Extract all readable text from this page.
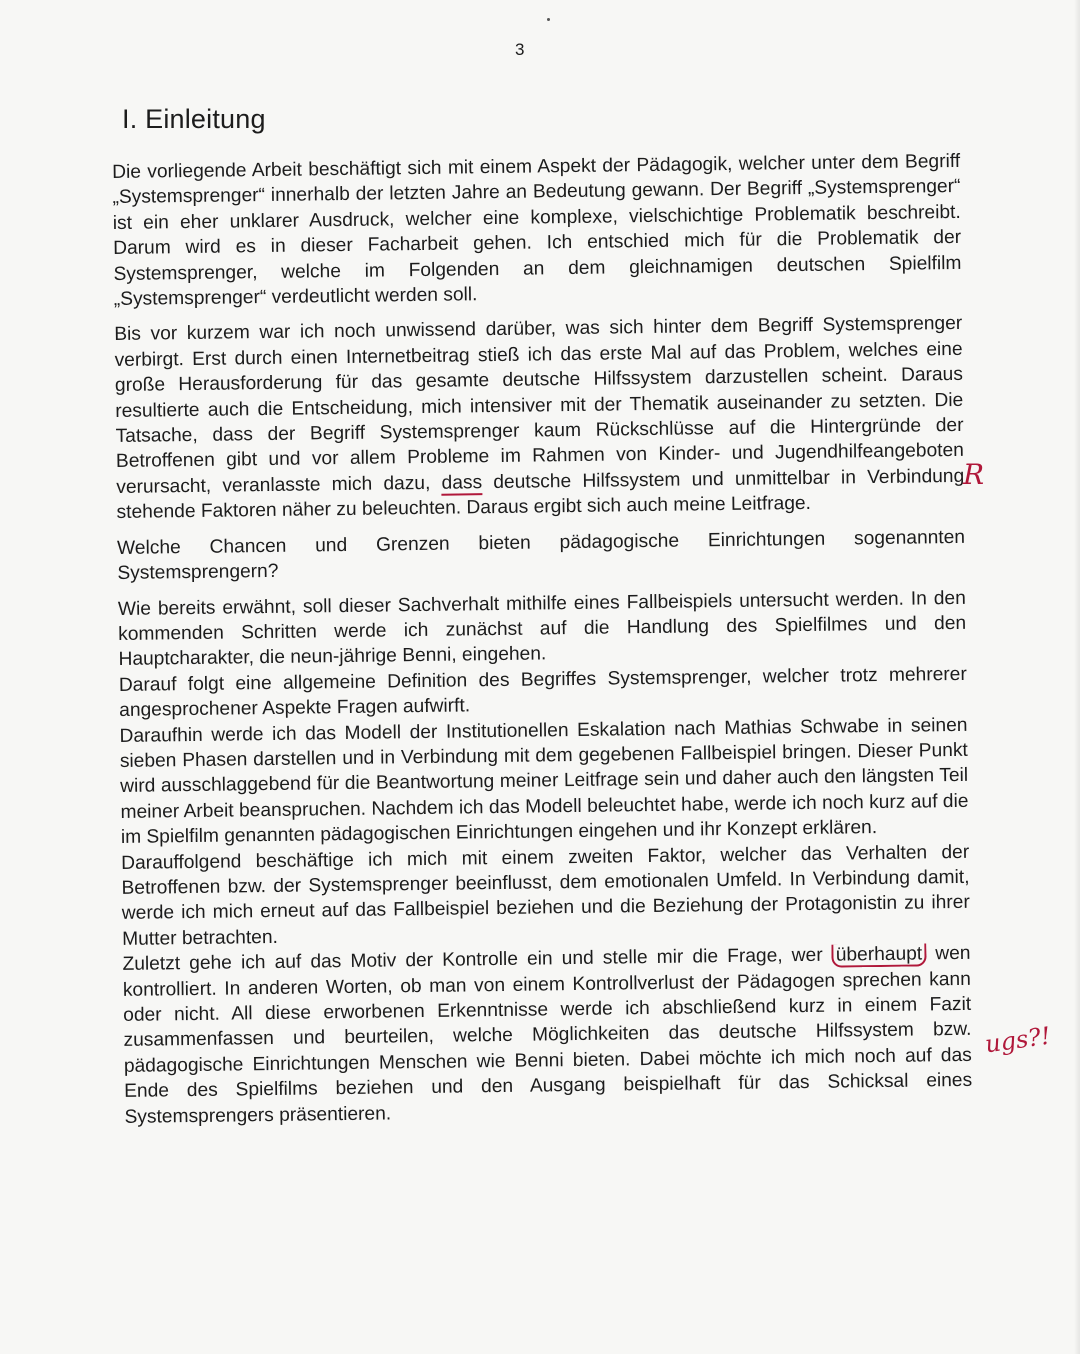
3
I. Einleitung

Die vorliegende Arbeit beschäftigt sich mit einem Aspekt der Pädagogik, welcher unter dem Begriff „Systemsprenger“ innerhalb der letzten Jahre an Bedeutung gewann. Der Begriff „Systemsprenger“ ist ein eher unklarer Ausdruck, welcher eine komplexe, vielschichtige Problematik beschreibt. Darum wird es in dieser Facharbeit gehen. Ich entschied mich für die Problematik der Systemsprenger, welche im Folgenden an dem gleichnamigen deutschen Spielfilm „Systemsprenger“ verdeutlicht werden soll.

Bis vor kurzem war ich noch unwissend darüber, was sich hinter dem Begriff Systemsprenger verbirgt. Erst durch einen Internetbeitrag stieß ich das erste Mal auf das Problem, welches eine große Herausforderung für das gesamte deutsche Hilfssystem darzustellen scheint. Daraus resultierte auch die Entscheidung, mich intensiver mit der Thematik auseinander zu setzten. Die Tatsache, dass der Begriff Systemsprenger kaum Rückschlüsse auf die Hintergründe der Betroffenen gibt und vor allem Probleme im Rahmen von Kinder- und Jugendhilfeangeboten verursacht, veranlasste mich dazu, dass deutsche Hilfssystem und unmittelbar in Verbindung stehende Faktoren näher zu beleuchten. Daraus ergibt sich auch meine Leitfrage.

Welche Chancen und Grenzen bieten pädagogische Einrichtungen sogenannten Systemsprengern?

Wie bereits erwähnt, soll dieser Sachverhalt mithilfe eines Fallbeispiels untersucht werden. In den kommenden Schritten werde ich zunächst auf die Handlung des Spielfilmes und den Hauptcharakter, die neun-jährige Benni, eingehen.

Darauf folgt eine allgemeine Definition des Begriffes Systemsprenger, welcher trotz mehrerer angesprochener Aspekte Fragen aufwirft.

Daraufhin werde ich das Modell der Institutionellen Eskalation nach Mathias Schwabe in seinen sieben Phasen darstellen und in Verbindung mit dem gegebenen Fallbeispiel bringen. Dieser Punkt wird ausschlaggebend für die Beantwortung meiner Leitfrage sein und daher auch den längsten Teil meiner Arbeit beanspruchen. Nachdem ich das Modell beleuchtet habe, werde ich noch kurz auf die im Spielfilm genannten pädagogischen Einrichtungen eingehen und ihr Konzept erklären.

Darauffolgend beschäftige ich mich mit einem zweiten Faktor, welcher das Verhalten der Betroffenen bzw. der Systemsprenger beeinflusst, dem emotionalen Umfeld. In Verbindung damit, werde ich mich erneut auf das Fallbeispiel beziehen und die Beziehung der Protagonistin zu ihrer Mutter betrachten.

Zuletzt gehe ich auf das Motiv der Kontrolle ein und stelle mir die Frage, wer überhaupt wen kontrolliert. In anderen Worten, ob man von einem Kontrollverlust der Pädagogen sprechen kann oder nicht. All diese erworbenen Erkenntnisse werde ich abschließend kurz in einem Fazit zusammenfassen und beurteilen, welche Möglichkeiten das deutsche Hilfssystem bzw. pädagogische Einrichtungen Menschen wie Benni bieten. Dabei möchte ich mich noch auf das Ende des Spielfilms beziehen und den Ausgang beispielhaft für das Schicksal eines Systemsprengers präsentieren.

R
ugs?!
